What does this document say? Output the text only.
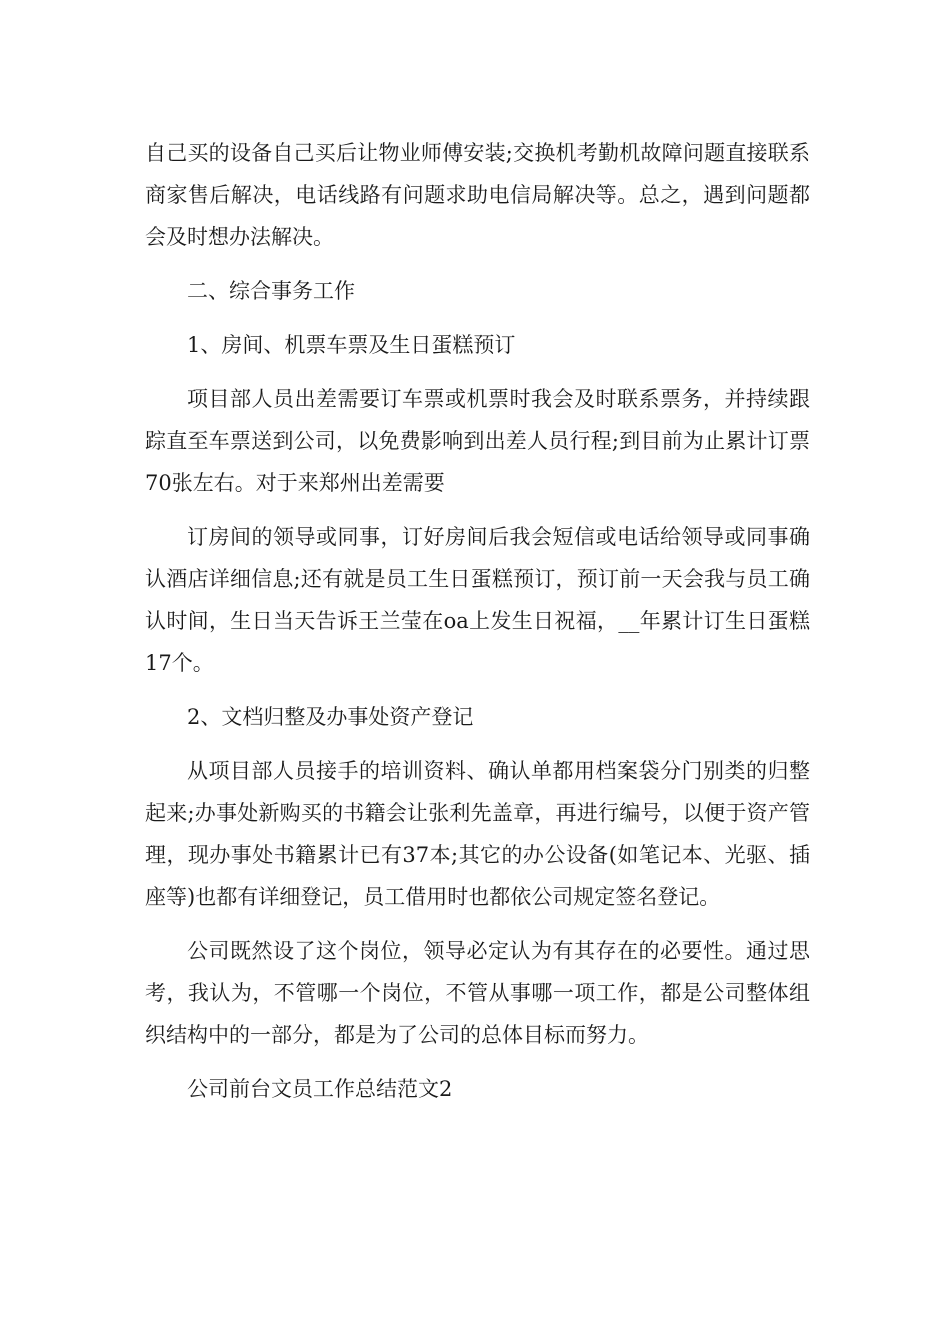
自己买的设备自己买后让物业师傅安装;交换机考勤机故障问题直接联系商家售后解决，电话线路有问题求助电信局解决等。总之，遇到问题都会及时想办法解决。

二、综合事务工作

1、房间、机票车票及生日蛋糕预订

项目部人员出差需要订车票或机票时我会及时联系票务，并持续跟踪直至车票送到公司，以免费影响到出差人员行程;到目前为止累计订票70张左右。对于来郑州出差需要

订房间的领导或同事，订好房间后我会短信或电话给领导或同事确认酒店详细信息;还有就是员工生日蛋糕预订，预订前一天会我与员工确认时间，生日当天告诉王兰莹在oa上发生日祝福，__年累计订生日蛋糕17个。

2、文档归整及办事处资产登记

从项目部人员接手的培训资料、确认单都用档案袋分门别类的归整起来;办事处新购买的书籍会让张利先盖章，再进行编号，以便于资产管理，现办事处书籍累计已有37本;其它的办公设备(如笔记本、光驱、插座等)也都有详细登记，员工借用时也都依公司规定签名登记。

公司既然设了这个岗位，领导必定认为有其存在的必要性。通过思考，我认为，不管哪一个岗位，不管从事哪一项工作，都是公司整体组织结构中的一部分，都是为了公司的总体目标而努力。

公司前台文员工作总结范文2
